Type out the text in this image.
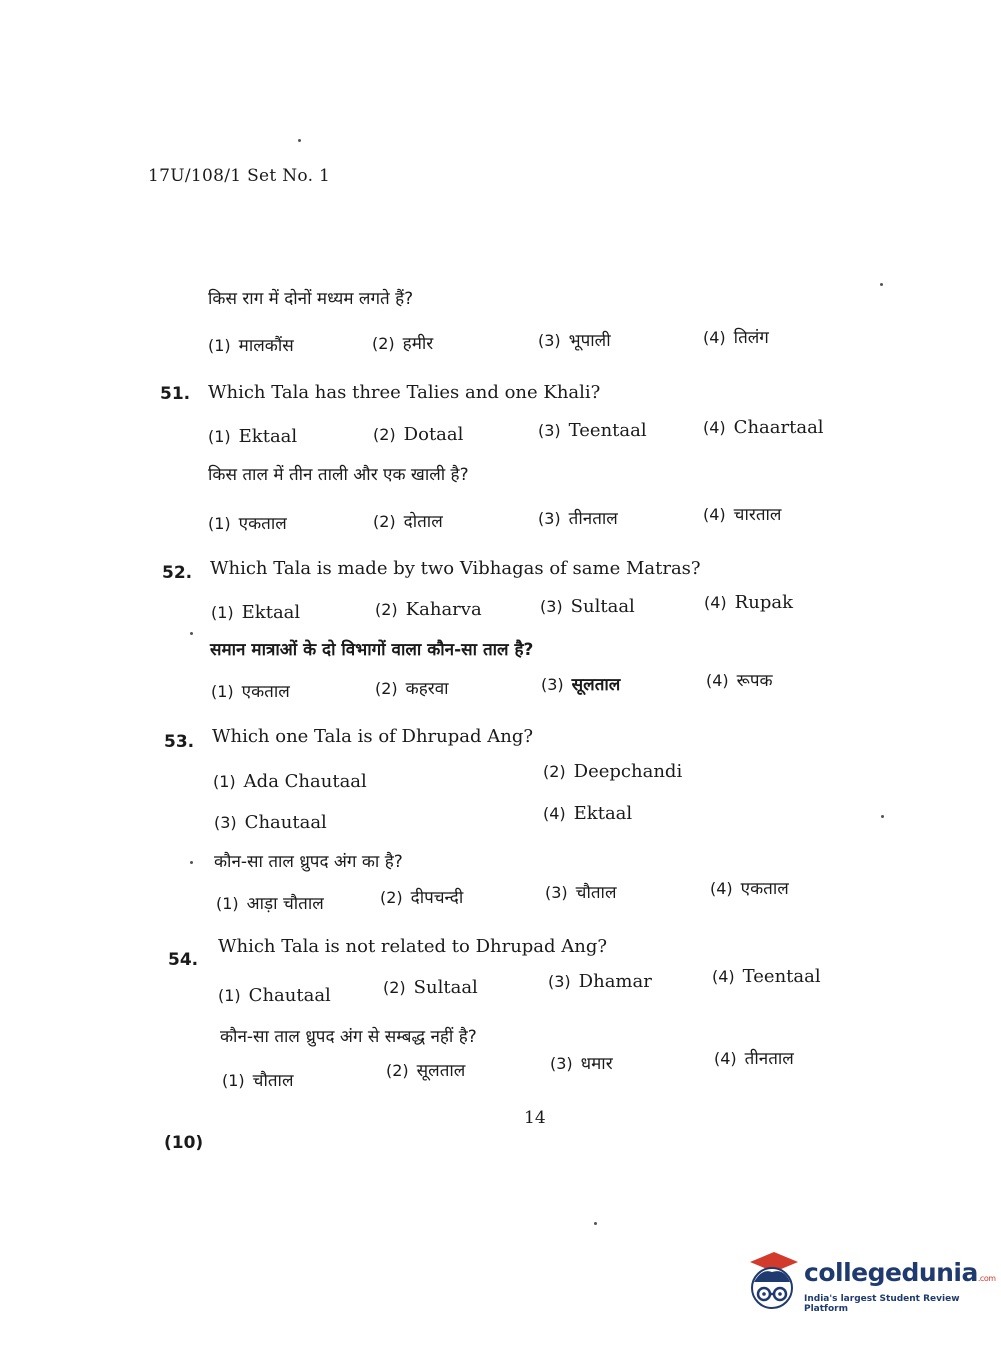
17U/108/1 Set No. 1
किस राग में दोनों मध्यम लगते हैं?
(1) मालकौंस	(2) हमीर	(3) भूपाली	(4) तिलंग
51. Which Tala has three Talies and one Khali?
(1) Ektaal	(2) Dotaal	(3) Teentaal	(4) Chaartaal
किस ताल में तीन ताली और एक खाली है?
(1) एकताल	(2) दोताल	(3) तीनताल	(4) चारताल
52. Which Tala is made by two Vibhagas of same Matras?
(1) Ektaal	(2) Kaharva	(3) Sultaal	(4) Rupak
समान मात्राओं के दो विभागों वाला कौन-सा ताल है?
(1) एकताल	(2) कहरवा	(3) सूलताल	(4) रूपक
53. Which one Tala is of Dhrupad Ang?
(1) Ada Chautaal	(2) Deepchandi
(3) Chautaal	(4) Ektaal
कौन-सा ताल ध्रुपद अंग का है?
(1) आड़ा चौताल	(2) दीपचन्दी	(3) चौताल	(4) एकताल
54.
Which Tala is not related to Dhrupad Ang?
(1) Chautaal	(2) Sultaal	(3) Dhamar	(4) Teentaal
कौन-सा ताल ध्रुपद अंग से सम्बद्ध नहीं है?
(1) चौताल
(2) सूलताल	(3) धमार	(4) तीनताल
14
(10)
collegedunia.com
India's largest Student Review Platform
